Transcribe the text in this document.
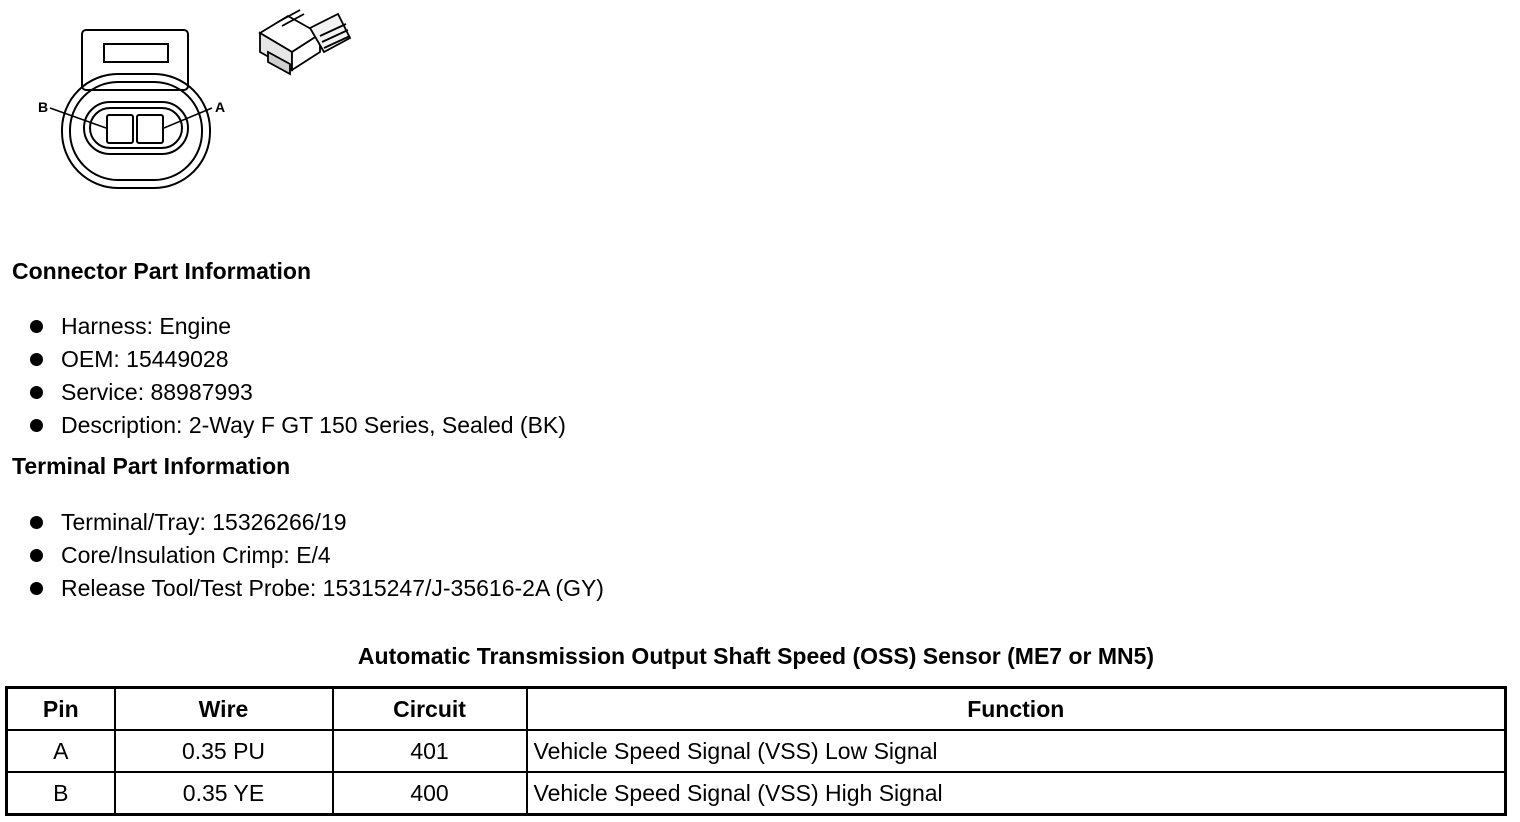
B	A
Connector Part Information
Harness: Engine
OEM: 15449028
Service: 88987993
Description: 2-Way F GT 150 Series, Sealed (BK)
Terminal Part Information
Terminal/Tray: 15326266/19
Core/Insulation Crimp: E/4
Release Tool/Test Probe: 15315247/J-35616-2A (GY)
Automatic Transmission Output Shaft Speed (OSS) Sensor (ME7 or MN5)
Pin	Wire	Circuit	Function
A	0.35 PU	401	Vehicle Speed Signal (VSS) Low Signal
B	0.35 YE	400	Vehicle Speed Signal (VSS) High Signal
